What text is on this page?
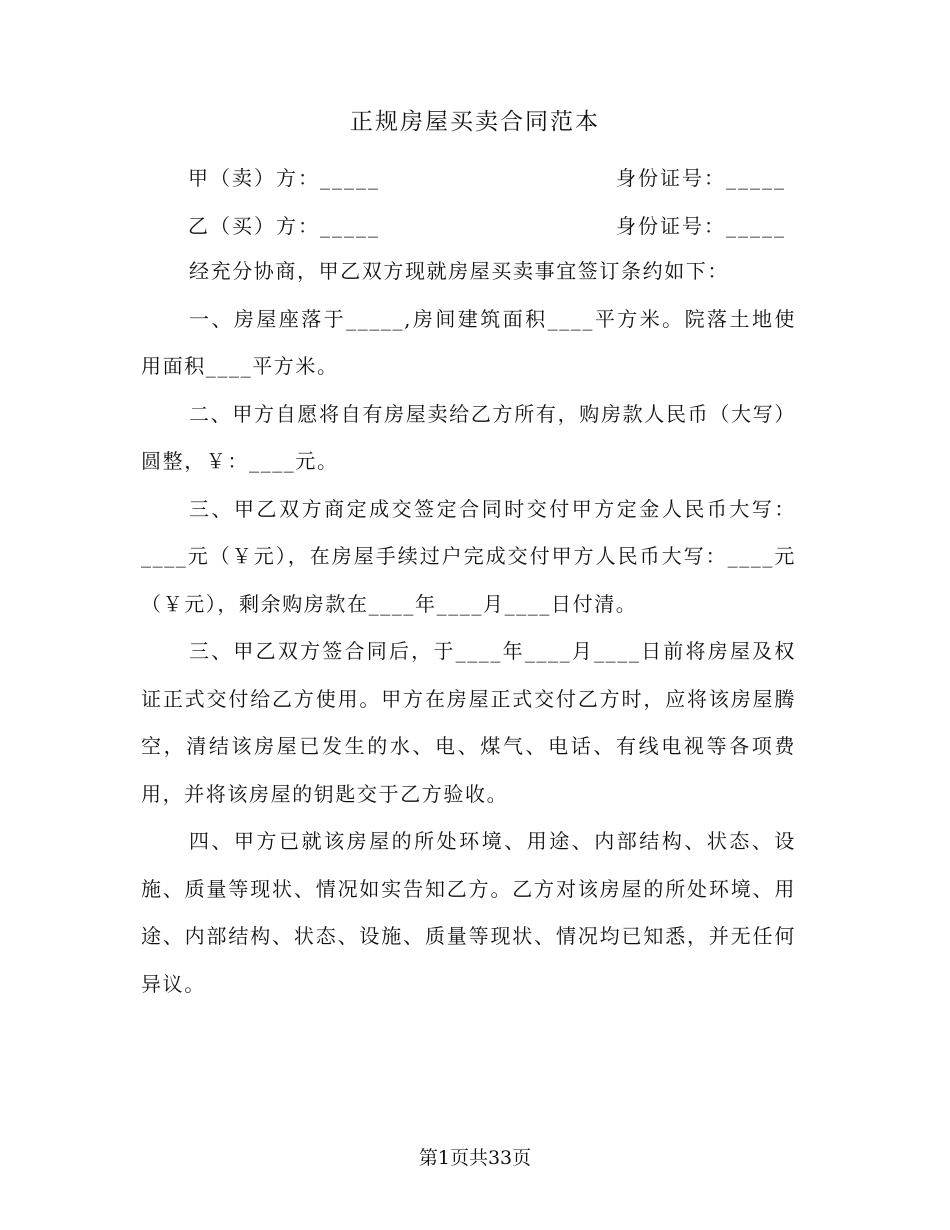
正规房屋买卖合同范本
甲（卖）方：_____	身份证号：_____
乙（买）方：_____	身份证号：_____

经充分协商，甲乙双方现就房屋买卖事宜签订条约如下：

一、房屋座落于_____,房间建筑面积____平方米。院落土地使用面积____平方米。

二、甲方自愿将自有房屋卖给乙方所有，购房款人民币（大写）圆整，￥：____元。

三、甲乙双方商定成交签定合同时交付甲方定金人民币大写：____元（￥元），在房屋手续过户完成交付甲方人民币大写：____元（￥元），剩余购房款在____年____月____日付清。

三、甲乙双方签合同后，于____年____月____日前将房屋及权证正式交付给乙方使用。甲方在房屋正式交付乙方时，应将该房屋腾空，清结该房屋已发生的水、电、煤气、电话、有线电视等各项费用，并将该房屋的钥匙交于乙方验收。

四、甲方已就该房屋的所处环境、用途、内部结构、状态、设施、质量等现状、情况如实告知乙方。乙方对该房屋的所处环境、用途、内部结构、状态、设施、质量等现状、情况均已知悉，并无任何异议。

第1页共33页
